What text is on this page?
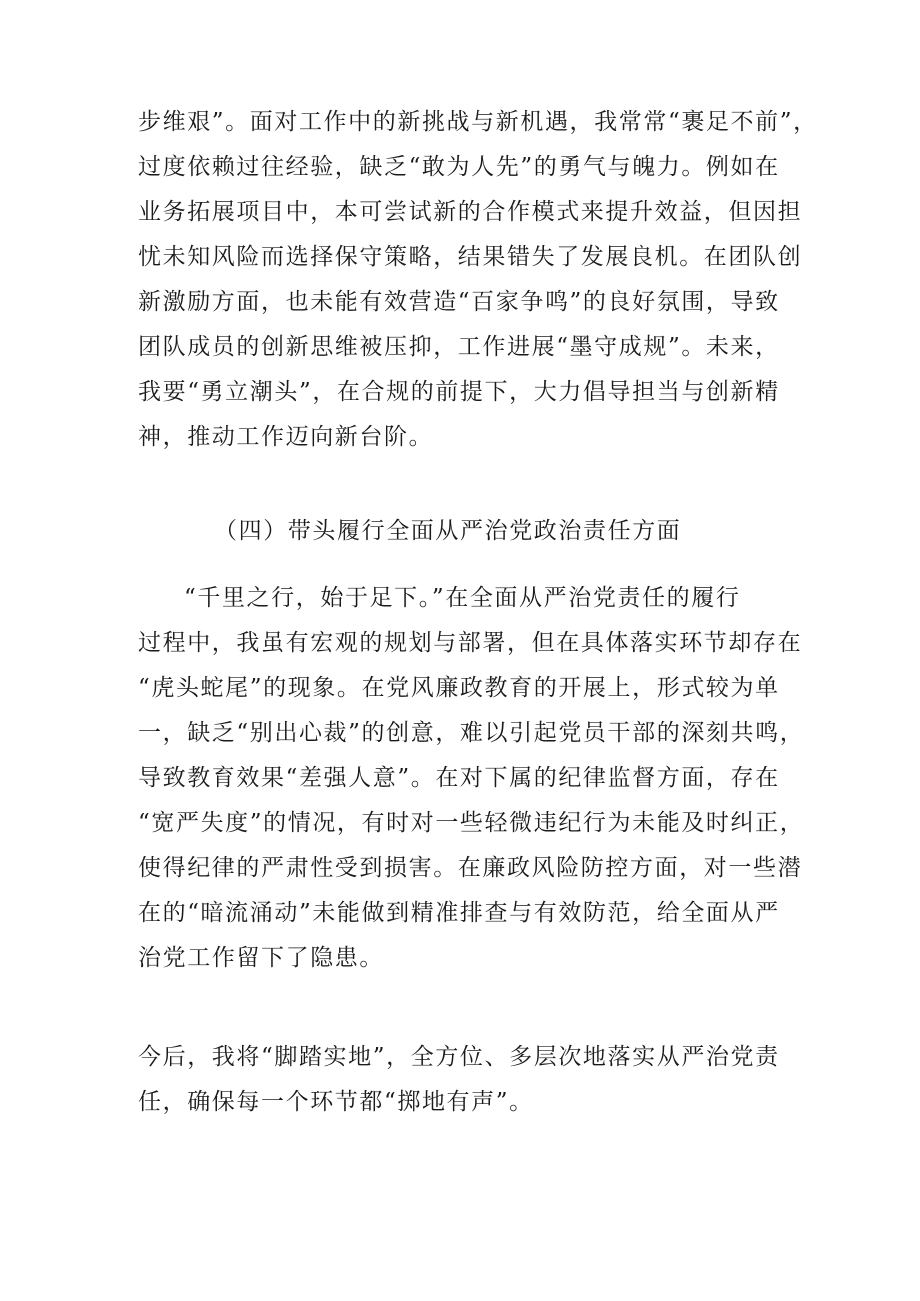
步维艰”。面对工作中的新挑战与新机遇，我常常“裹足不前”，
过度依赖过往经验，缺乏“敢为人先”的勇气与魄力。例如在
业务拓展项目中，本可尝试新的合作模式来提升效益，但因担
忧未知风险而选择保守策略，结果错失了发展良机。在团队创
新激励方面，也未能有效营造“百家争鸣”的良好氛围，导致
团队成员的创新思维被压抑，工作进展“墨守成规”。未来，
我要“勇立潮头”，在合规的前提下，大力倡导担当与创新精
神，推动工作迈向新台阶。
（四）带头履行全面从严治党政治责任方面
“千里之行，始于足下。”在全面从严治党责任的履行
过程中，我虽有宏观的规划与部署，但在具体落实环节却存在
“虎头蛇尾”的现象。在党风廉政教育的开展上，形式较为单
一，缺乏“别出心裁”的创意，难以引起党员干部的深刻共鸣，
导致教育效果“差强人意”。在对下属的纪律监督方面，存在
“宽严失度”的情况，有时对一些轻微违纪行为未能及时纠正，
使得纪律的严肃性受到损害。在廉政风险防控方面，对一些潜
在的“暗流涌动”未能做到精准排查与有效防范，给全面从严
治党工作留下了隐患。
今后，我将“脚踏实地”，全方位、多层次地落实从严治党责
任，确保每一个环节都“掷地有声”。
